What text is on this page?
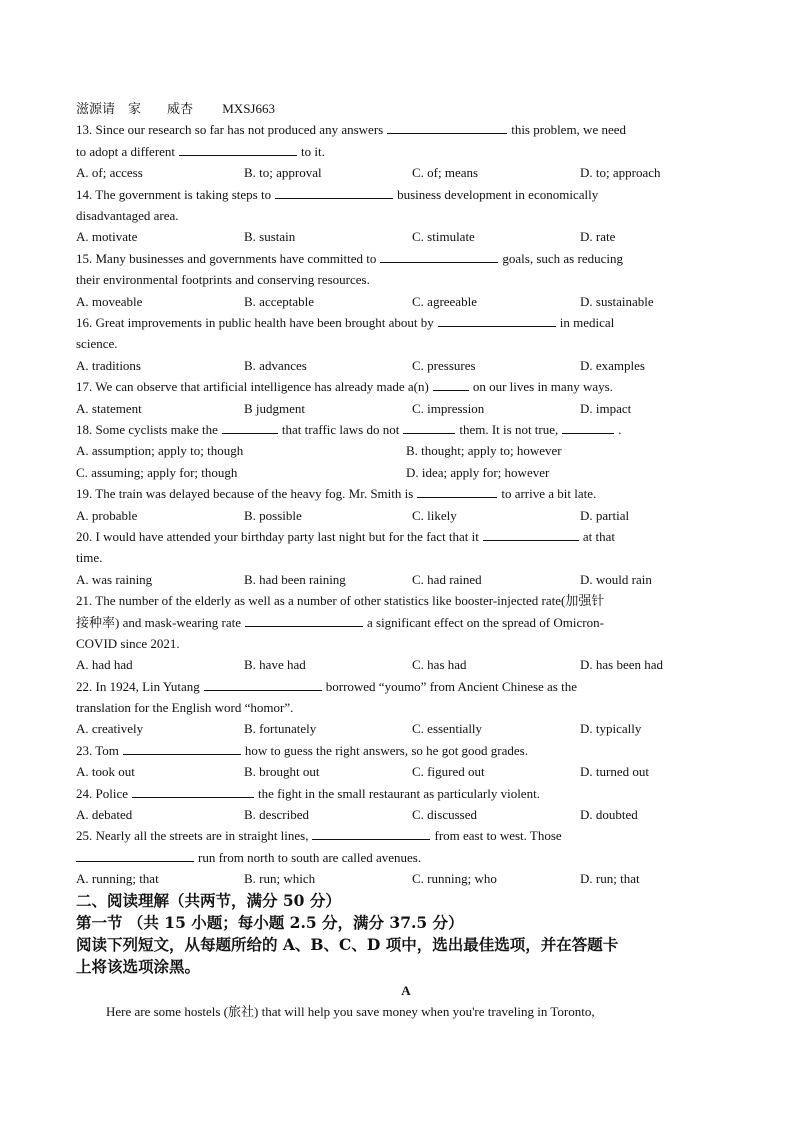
滋源请　家　　威杏　　 MXSJ663
13. Since our research so far has not produced any answers	this problem, we need
to adopt a different	to it.
A. of; access	B. to; approval	C. of; means	D. to; approach
14. The government is taking steps to	business development in economically
disadvantaged area.
A. motivate	B. sustain	C. stimulate	D. rate
15. Many businesses and governments have committed to	goals, such as reducing
their environmental footprints and conserving resources.
A. moveable	B. acceptable	C. agreeable	D. sustainable
16. Great improvements in public health have been brought about by	in medical
science.
A. traditions	B. advances	C. pressures	D. examples
17. We can observe that artificial intelligence has already made a(n)	on our lives in many ways.
A. statement	B judgment	C. impression	D. impact
18. Some cyclists make the	that traffic laws do not	them. It is not true,	.
A. assumption; apply to; though	B. thought; apply to; however
C. assuming; apply for; though	D. idea; apply for; however
19. The train was delayed because of the heavy fog. Mr. Smith is	to arrive a bit late.
A. probable	B. possible	C. likely	D. partial
20. I would have attended your birthday party last night but for the fact that it	at that
time.
A. was raining	B. had been raining	C. had rained	D. would rain
21. The number of the elderly as well as a number of other statistics like booster-injected rate(加强针
接种率) and mask-wearing rate	a significant effect on the spread of Omicron-
COVID since 2021.
A. had had	B. have had	C. has had	D. has been had
22. In 1924, Lin Yutang	borrowed “youmo” from Ancient Chinese as the
translation for the English word “homor”.
A. creatively	B. fortunately	C. essentially	D. typically
23. Tom	how to guess the right answers, so he got good grades.
A. took out	B. brought out	C. figured out	D. turned out
24. Police	the fight in the small restaurant as particularly violent.
A. debated	B. described	C. discussed	D. doubted
25. Nearly all the streets are in straight lines,	from east to west. Those
run from north to south are called avenues.
A. running; that	B. run; which	C. running; who	D. run; that
二、阅读理解（共两节，满分 50 分）
第一节 （共 15 小题；每小题 2.5 分，满分 37.5 分）
阅读下列短文，从每题所给的 A、B、C、D 项中，选出最佳选项，并在答题卡
上将该选项涂黑。
A
Here are some hostels (旅社) that will help you save money when you're traveling in Toronto,
